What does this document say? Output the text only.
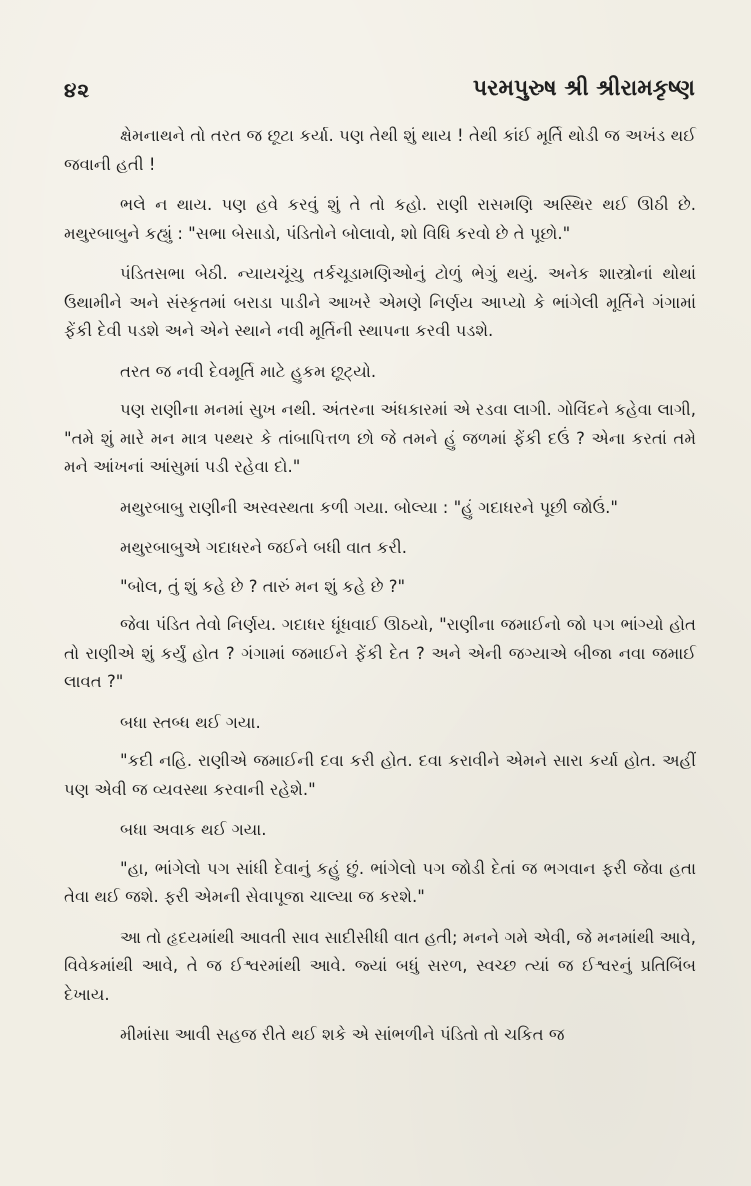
૪૨	પરમપુરુષ શ્રી શ્રીરામકૃષ્ણ

ક્ષેમનાથને તો તરત જ છૂટા કર્યા. પણ તેથી શું થાય ! તેથી કાંઈ મૂર્તિ થોડી જ અખંડ થઈ જવાની હતી !

ભલે ન થાય. પણ હવે કરવું શું તે તો કહો. રાણી રાસમણિ અસ્થિર થઈ ઊઠી છે. મથુરબાબુને કહ્યું : "સભા બેસાડો, પંડિતોને બોલાવો, શો વિધિ કરવો છે તે પૂછો."

પંડિતસભા બેઠી. ન્યાયચૂંચુ તર્કચૂડામણિઓનું ટોળું ભેગું થયું. અનેક શાસ્ત્રોનાં થોથાં ઉથામીને અને સંસ્કૃતમાં બરાડા પાડીને આખરે એમણે નિર્ણય આપ્યો કે ભાંગેલી મૂર્તિને ગંગામાં ફેંકી દેવી પડશે અને એને સ્થાને નવી મૂર્તિની સ્થાપના કરવી પડશે.

તરત જ નવી દેવમૂર્તિ માટે હુકમ છૂટ્યો.

પણ રાણીના મનમાં સુખ નથી. અંતરના અંધકારમાં એ રડવા લાગી. ગોવિંદને કહેવા લાગી, "તમે શું મારે મન માત્ર પથ્થર કે તાંબાપિત્તળ છો જે તમને હું જળમાં ફેંકી દઉં ? એના કરતાં તમે મને આંખનાં આંસુમાં પડી રહેવા દો."

મથુરબાબુ રાણીની અસ્વસ્થતા કળી ગયા. બોલ્યા : "હું ગદાધરને પૂછી જોઉં."

મથુરબાબુએ ગદાધરને જઈને બધી વાત કરી.

"બોલ, તું શું કહે છે ? તારું મન શું કહે છે ?"

જેવા પંડિત તેવો નિર્ણય. ગદાધર ધૂંધવાઈ ઊઠયો, "રાણીના જમાઈનો જો પગ ભાંગ્યો હોત તો રાણીએ શું કર્યું હોત ? ગંગામાં જમાઈને ફેંકી દેત ? અને એની જગ્યાએ બીજા નવા જમાઈ લાવત ?"

બધા સ્તબ્ધ થઈ ગયા.

"કદી નહિ. રાણીએ જમાઈની દવા કરી હોત. દવા કરાવીને એમને સારા કર્યા હોત. અહીં પણ એવી જ વ્યવસ્થા કરવાની રહેશે."

બધા અવાક થઈ ગયા.

"હા, ભાંગેલો પગ સાંધી દેવાનું કહું છું. ભાંગેલો પગ જોડી દેતાં જ ભગવાન ફરી જેવા હતા તેવા થઈ જશે. ફરી એમની સેવાપૂજા ચાલ્યા જ કરશે."

આ તો હૃદયમાંથી આવતી સાવ સાદીસીધી વાત હતી; મનને ગમે એવી, જે મનમાંથી આવે, વિવેકમાંથી આવે, તે જ ઈશ્વરમાંથી આવે. જ્યાં બધું સરળ, સ્વચ્છ ત્યાં જ ઈશ્વરનું પ્રતિબિંબ દેખાય.

મીમાંસા આવી સહજ રીતે થઈ શકે એ સાંભળીને પંડિતો તો ચકિત જ
